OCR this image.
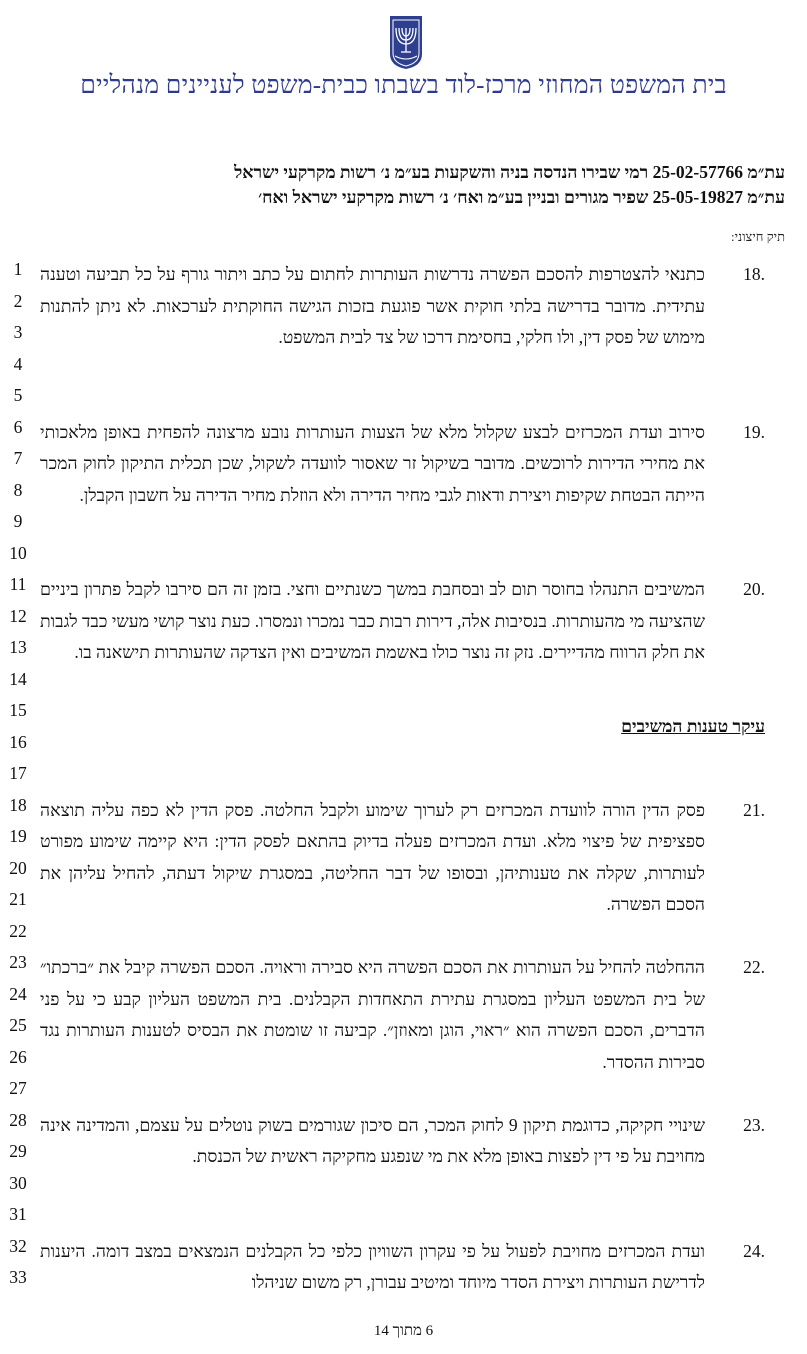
בית המשפט המחוזי מרכז-לוד בשבתו כבית-משפט לעניינים מנהליים
עת״מ 25-02-57766 רמי שבירו הנדסה בניה והשקעות בע״מ נ׳ רשות מקרקעי ישראל
עת״מ 25-05-19827 שפיר מגורים ובניין בע״מ ואח׳ נ׳ רשות מקרקעי ישראל ואח׳
תיק חיצוני:
1
2
3
4
5
6
7
8
9
10
11
12
13
14
15
16
17
18
19
20
21
22
23
24
25
26
27
28
29
30
31
32
33
.18
כתנאי להצטרפות להסכם הפשרה נדרשות העותרות לחתום על כתב ויתור גורף על כל תביעה וטענה עתידית. מדובר בדרישה בלתי חוקית אשר פוגעת בזכות הגישה החוקתית לערכאות. לא ניתן להתנות מימוש של פסק דין, ולו חלקי, בחסימת דרכו של צד לבית המשפט.
.19
סירוב ועדת המכרזים לבצע שקלול מלא של הצעות העותרות נובע מרצונה להפחית באופן מלאכותי את מחירי הדירות לרוכשים. מדובר בשיקול זר שאסור לוועדה לשקול, שכן תכלית התיקון לחוק המכר הייתה הבטחת שקיפות ויצירת ודאות לגבי מחיר הדירה ולא הוזלת מחיר הדירה על חשבון הקבלן.
.20
המשיבים התנהלו בחוסר תום לב ובסחבת במשך כשנתיים וחצי. בזמן זה הם סירבו לקבל פתרון ביניים שהציעה מי מהעותרות. בנסיבות אלה, דירות רבות כבר נמכרו ונמסרו. כעת נוצר קושי מעשי כבד לגבות את חלק הרווח מהדיירים. נזק זה נוצר כולו באשמת המשיבים ואין הצדקה שהעותרות תישאנה בו.
עיקר טענות המשיבים
.21
פסק הדין הורה לוועדת המכרזים רק לערוך שימוע ולקבל החלטה. פסק הדין לא כפה עליה תוצאה ספציפית של פיצוי מלא. ועדת המכרזים פעלה בדיוק בהתאם לפסק הדין: היא קיימה שימוע מפורט לעותרות, שקלה את טענותיהן, ובסופו של דבר החליטה, במסגרת שיקול דעתה, להחיל עליהן את הסכם הפשרה.
.22
ההחלטה להחיל על העותרות את הסכם הפשרה היא סבירה וראויה. הסכם הפשרה קיבל את ״ברכתו״ של בית המשפט העליון במסגרת עתירת התאחדות הקבלנים. בית המשפט העליון קבע כי על פני הדברים, הסכם הפשרה הוא ״ראוי, הוגן ומאוזן״. קביעה זו שומטת את הבסיס לטענות העותרות נגד סבירות ההסדר.
.23
שינויי חקיקה, כדוגמת תיקון 9 לחוק המכר, הם סיכון שגורמים בשוק נוטלים על עצמם, והמדינה אינה מחויבת על פי דין לפצות באופן מלא את מי שנפגע מחקיקה ראשית של הכנסת.
.24
ועדת המכרזים מחויבת לפעול על פי עקרון השוויון כלפי כל הקבלנים הנמצאים במצב דומה. היענות לדרישת העותרות ויצירת הסדר מיוחד ומיטיב עבורן, רק משום שניהלו
6 מתוך 14
